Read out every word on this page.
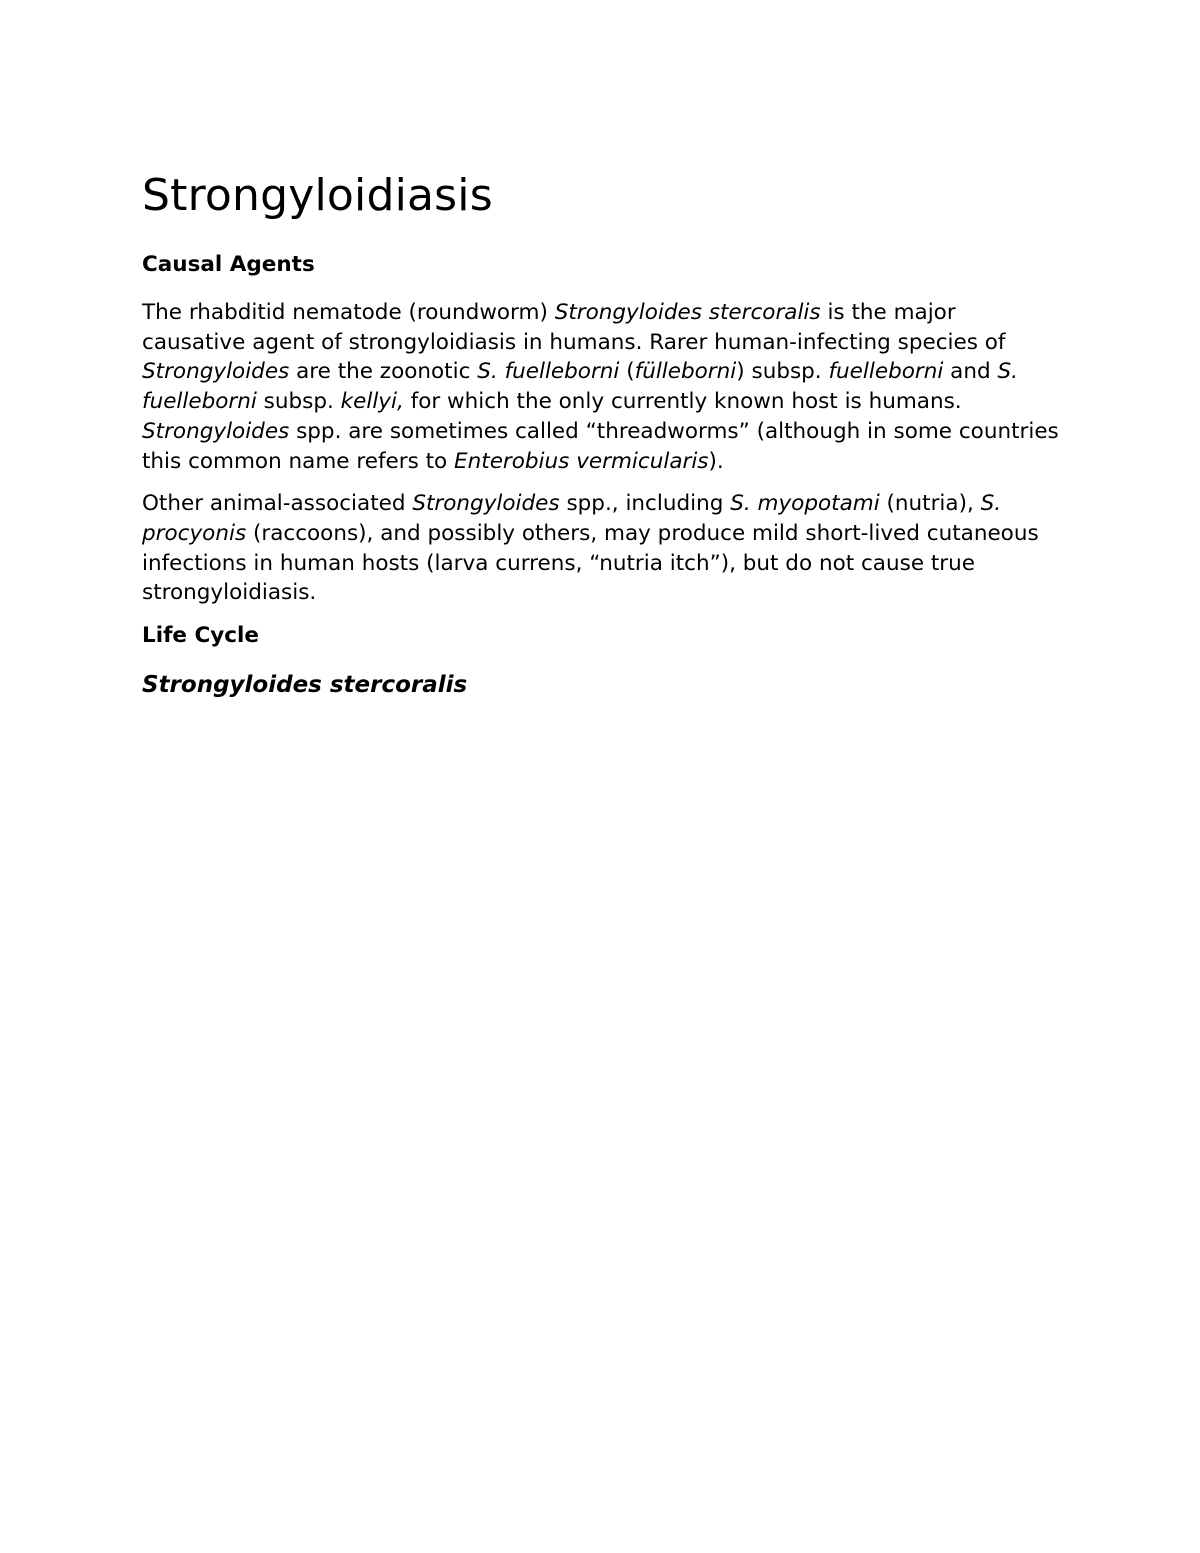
Strongyloidiasis
Causal Agents

The rhabditid nematode (roundworm) Strongyloides stercoralis is the major causative agent of strongyloidiasis in humans. Rarer human-infecting species of Strongyloides are the zoonotic S. fuelleborni (fülleborni) subsp. fuelleborni and S. fuelleborni subsp. kellyi, for which the only currently known host is humans. Strongyloides spp. are sometimes called “threadworms” (although in some countries this common name refers to Enterobius vermicularis).

Other animal-associated Strongyloides spp., including S. myopotami (nutria), S. procyonis (raccoons), and possibly others, may produce mild short-lived cutaneous infections in human hosts (larva currens, “nutria itch”), but do not cause true strongyloidiasis.

Life Cycle
Strongyloides stercoralis
